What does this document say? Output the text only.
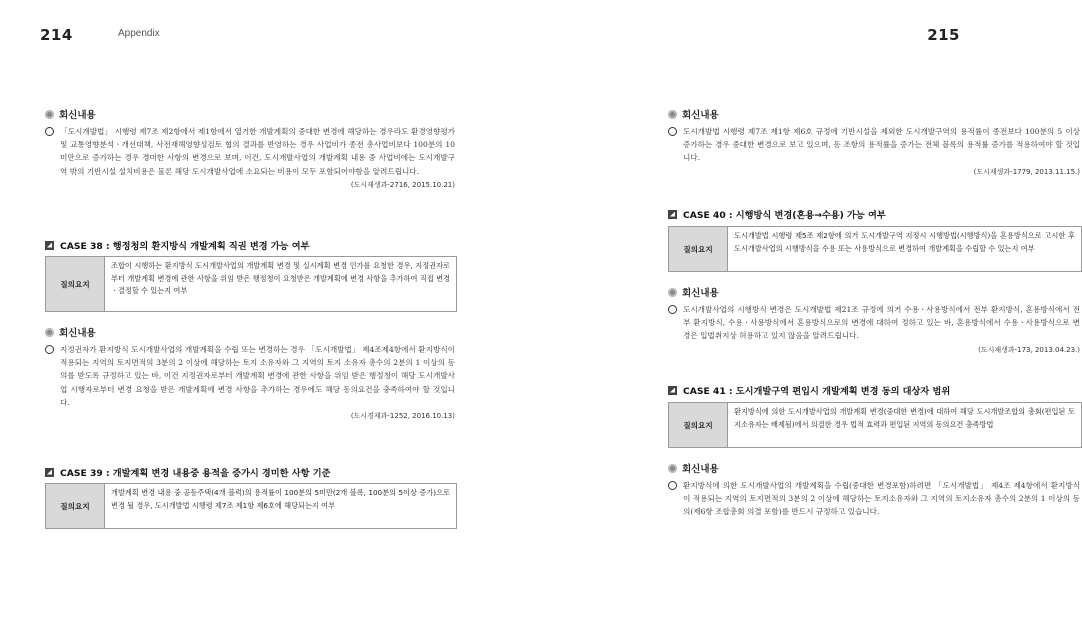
214	Appendix
회신내용
「도시개발법」 시행령 제7조 제2항에서 제1항에서 열거한 개발계획의 중대한 변경에 해당하는 경우라도 환경영향평가 및 교통영향분석ㆍ개선대책, 사전재해영향성검토 협의 결과를 반영하는 경우 사업비가 종전 총사업비보다 100분의 10미만으로 증가하는 경우 경미한 사항의 변경으로 보며, 이건, 도시개발사업의 개발계획 내용 중 사업비에는 도시개발구역 밖의 기반시설 설치비용은 물론 해당 도시개발사업에 소요되는 비용이 모두 포함되어야함을 알려드립니다.
(도시재생과-2716, 2015.10.21)
CASE 38 : 행정청의 환지방식 개발계획 직권 변경 가능 여부
질의요지
조합이 시행하는 환지방식 도시개발사업의 개발계획 변경 및 실시계획 변경 인가를 요청한 경우, 지정권자로부터 개발계획 변경에 관한 사항을 위임 받은 행정청이 요청받은 개발계획에 변경 사항을 추가하여 직접 변경ㆍ결정할 수 있는지 여부
회신내용
지정권자가 환지방식 도시개발사업의 개발계획을 수립 또는 변경하는 경우 「도시개발법」 제4조제4항에서 환지방식이 적용되는 지역의 토지면적의 3분의 2 이상에 해당하는 토지 소유자와 그 지역의 토지 소유자 총수의 2분의 1 이상의 동의를 받도록 규정하고 있는 바, 이건 지정권자로부터 개발계획 변경에 관한 사항을 위임 받은 행정청이 해당 도시개발사업 시행자로부터 변경 요청을 받은 개발계획에 변경 사항을 추가하는 경우에도 해당 동의요건을 충족하여야 할 것입니다.
(도시경제과-1252, 2016.10.13)
CASE 39 : 개발계획 변경 내용중 용적을 증가시 경미한 사항 기준
질의요지
개발계획 변경 내용 중 공동주택(4개 블럭)의 용적률이 100분의 5미만(2개 블록, 100분의 5이상 증가)으로 변경 될 경우, 도시개발법 시행령 제7조 제1항 제6호에 해당되는지 여부
215
회신내용
도시개발법 시행령 제7조 제1항 제6호 규정에 기반시설을 제외한 도시개발구역의 용적률이 종전보다 100분의 5 이상 증가하는 경우 중대한 변경으로 보고 있으며, 동 조항의 용적률을 증가는 전체 블록의 용적률 증가를 적용하여야 할 것입니다.
(도시재생과-1779, 2013.11.15.)
CASE 40 : 시행방식 변경(혼용→수용) 가능 여부
질의요지
도시개발법 시행령 제5조 제2항에 의거 도시개발구역 지정시 시행방법(시행방식)을 혼용방식으로 고시한 후 도시개발사업의 시행방식을 수용 또는 사용방식으로 변경하여 개발계획을 수립할 수 있는지 여부
회신내용
도시개발사업의 시행방식 변경은 도시개발법 제21조 규정에 의거 수용ㆍ사용방식에서 전부 환지방식, 혼용방식에서 전부 환지방식, 수용ㆍ사용방식에서 혼용방식으로의 변경에 대하여 정하고 있는 바, 혼용방식에서 수용ㆍ사용방식으로 변경은 입법취지상 허용하고 있지 않음을 알려드립니다.
(도시재생과-173, 2013.04.23.)
CASE 41 : 도시개발구역 편입시 개발계획 변경 동의 대상자 범위
질의요지
환지방식에 의한 도시개발사업의 개발계획 변경(중대한 변경)에 대하여 해당 도시개발조합의 총회(편입된 토지소유자는 배제됨)에서 의결한 경우 법적 효력과 편입된 지역의 동의요건 충족방법
회신내용
환지방식에 의한 도시개발사업의 개발계획을 수립(중대한 변경포함)하려면 「도시개발법」 제4조 제4항에서 환지방식이 적용되는 지역의 토지면적의 3분의 2 이상에 해당하는 토지소유자와 그 지역의 토지소유자 총수의 2분의 1 이상의 동의(제6항 조합총회 의결 포함)를 반드시 규정하고 있습니다.
